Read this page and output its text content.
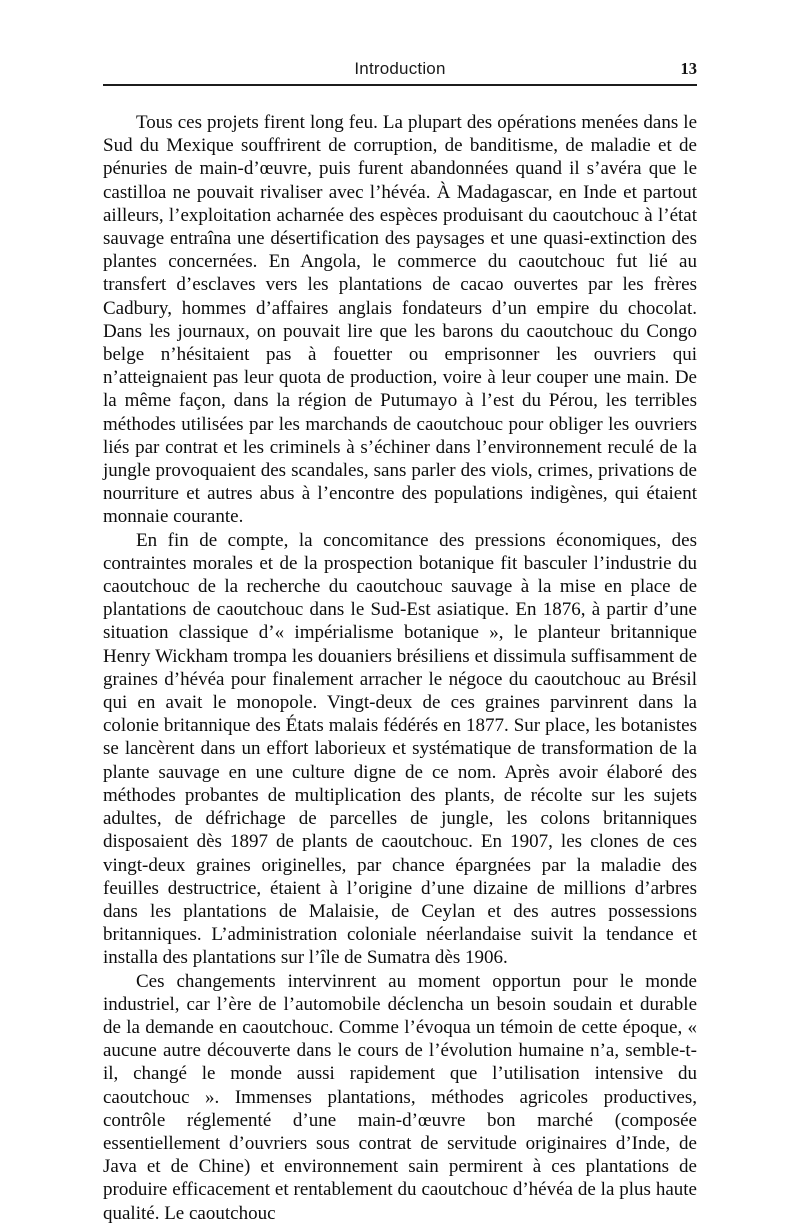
Introduction	13

Tous ces projets firent long feu. La plupart des opérations menées dans le Sud du Mexique souffrirent de corruption, de banditisme, de maladie et de pénuries de main-d’œuvre, puis furent abandonnées quand il s’avéra que le castilloa ne pouvait rivaliser avec l’hévéa. À Madagascar, en Inde et partout ailleurs, l’exploitation acharnée des espèces produisant du caoutchouc à l’état sauvage entraîna une désertification des paysages et une quasi-extinction des plantes concernées. En Angola, le commerce du caoutchouc fut lié au transfert d’esclaves vers les plantations de cacao ouvertes par les frères Cadbury, hommes d’affaires anglais fondateurs d’un empire du chocolat. Dans les journaux, on pouvait lire que les barons du caoutchouc du Congo belge n’hésitaient pas à fouetter ou emprisonner les ouvriers qui n’atteignaient pas leur quota de production, voire à leur couper une main. De la même façon, dans la région de Putumayo à l’est du Pérou, les terribles méthodes utilisées par les marchands de caoutchouc pour obliger les ouvriers liés par contrat et les criminels à s’échiner dans l’environnement reculé de la jungle provoquaient des scandales, sans parler des viols, crimes, privations de nourriture et autres abus à l’encontre des populations indigènes, qui étaient monnaie courante.

En fin de compte, la concomitance des pressions économiques, des contraintes morales et de la prospection botanique fit basculer l’industrie du caoutchouc de la recherche du caoutchouc sauvage à la mise en place de plantations de caoutchouc dans le Sud-Est asiatique. En 1876, à partir d’une situation classique d’« impérialisme botanique », le planteur britannique Henry Wickham trompa les douaniers brésiliens et dissimula suffisamment de graines d’hévéa pour finalement arracher le négoce du caoutchouc au Brésil qui en avait le monopole. Vingt-deux de ces graines parvinrent dans la colonie britannique des États malais fédérés en 1877. Sur place, les botanistes se lancèrent dans un effort laborieux et systématique de transformation de la plante sauvage en une culture digne de ce nom. Après avoir élaboré des méthodes probantes de multiplication des plants, de récolte sur les sujets adultes, de défrichage de parcelles de jungle, les colons britanniques disposaient dès 1897 de plants de caoutchouc. En 1907, les clones de ces vingt-deux graines originelles, par chance épargnées par la maladie des feuilles destructrice, étaient à l’origine d’une dizaine de millions d’arbres dans les plantations de Malaisie, de Ceylan et des autres possessions britanniques. L’administration coloniale néerlandaise suivit la tendance et installa des plantations sur l’île de Sumatra dès 1906.

Ces changements intervinrent au moment opportun pour le monde industriel, car l’ère de l’automobile déclencha un besoin soudain et durable de la demande en caoutchouc. Comme l’évoqua un témoin de cette époque, « aucune autre découverte dans le cours de l’évolution humaine n’a, semble-t-il, changé le monde aussi rapidement que l’utilisation intensive du caoutchouc ». Immenses plantations, méthodes agricoles productives, contrôle réglementé d’une main-d’œuvre bon marché (composée essentiellement d’ouvriers sous contrat de servitude originaires d’Inde, de Java et de Chine) et environnement sain permirent à ces plantations de produire efficacement et rentablement du caoutchouc d’hévéa de la plus haute qualité. Le caoutchouc
